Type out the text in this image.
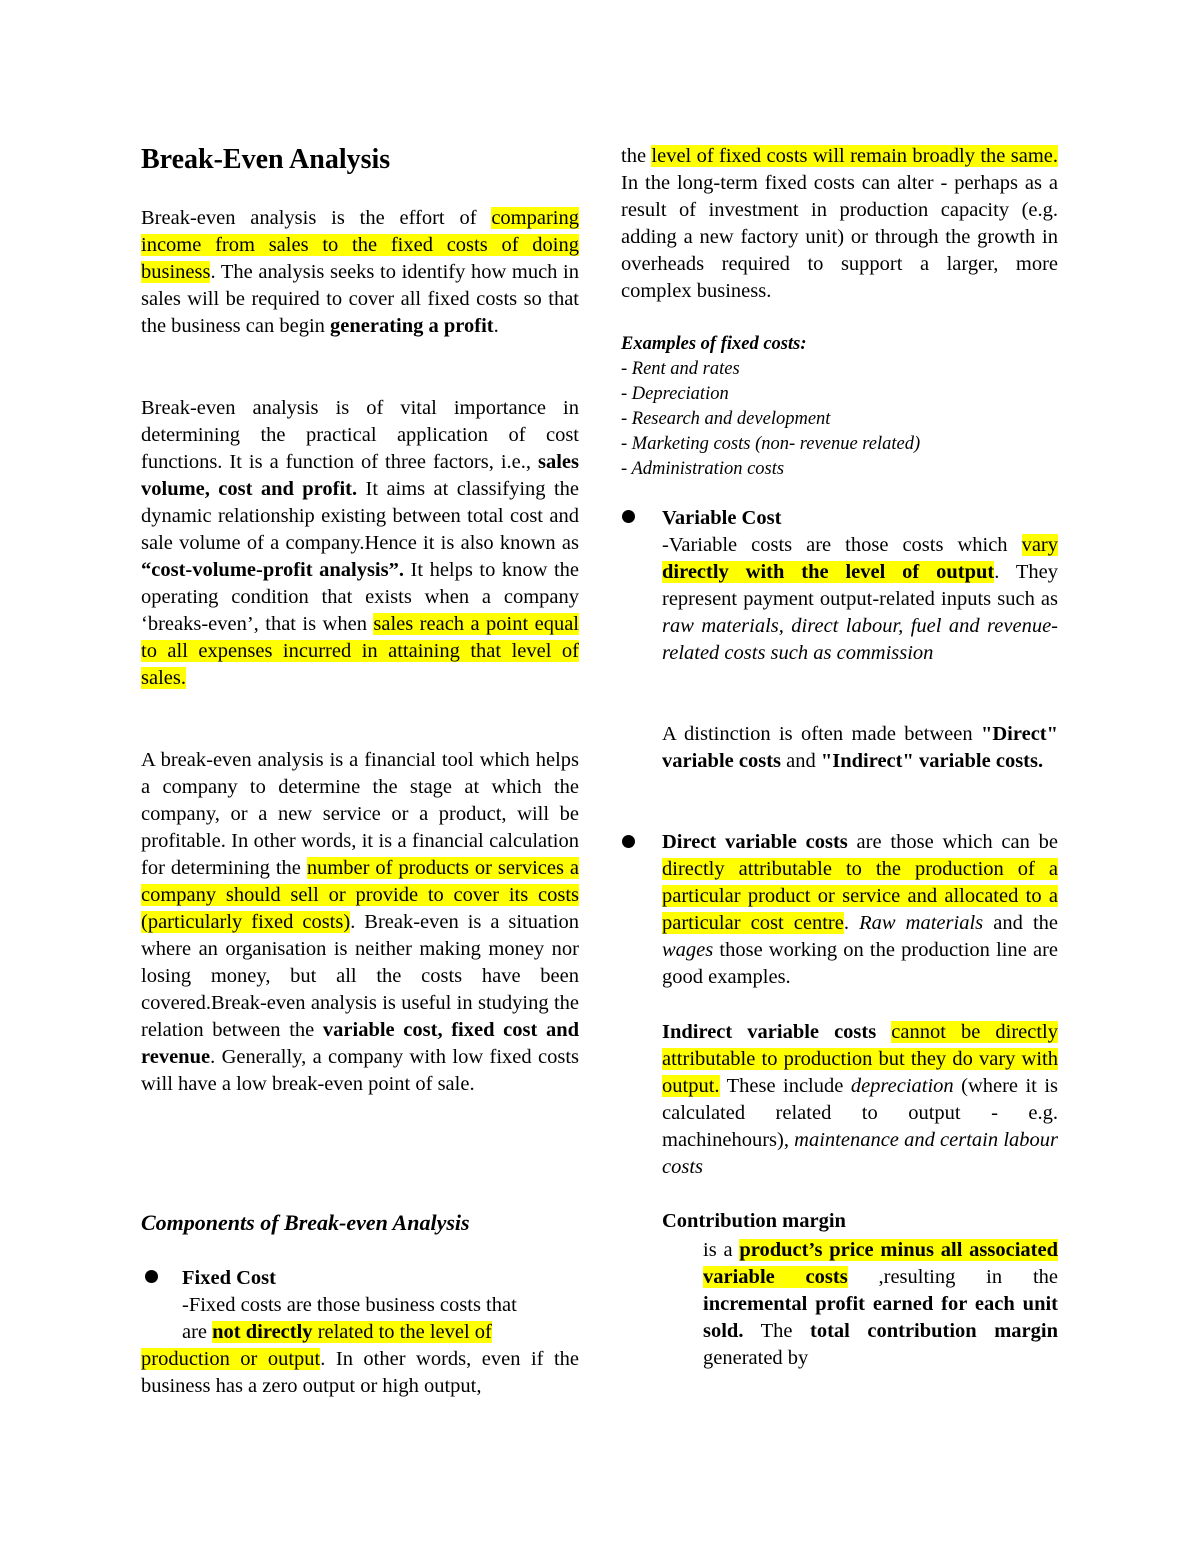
Break-Even Analysis

Break-even analysis is the effort of comparing income from sales to the fixed costs of doing business. The analysis seeks to identify how much in sales will be required to cover all fixed costs so that the business can begin generating a profit.

Break-even analysis is of vital importance in determining the practical application of cost functions. It is a function of three factors, i.e., sales volume, cost and profit. It aims at classifying the dynamic relationship existing between total cost and sale volume of a company.Hence it is also known as “cost-volume-profit analysis”. It helps to know the operating condition that exists when a company ‘breaks-even’, that is when sales reach a point equal to all expenses incurred in attaining that level of sales.

A break-even analysis is a financial tool which helps a company to determine the stage at which the company, or a new service or a product, will be profitable. In other words, it is a financial calculation for determining the number of products or services a company should sell or provide to cover its costs (particularly fixed costs). Break-even is a situation where an organisation is neither making money nor losing money, but all the costs have been covered.Break-even analysis is useful in studying the relation between the variable cost, fixed cost and revenue. Generally, a company with low fixed costs will have a low break-even point of sale.

Components of Break-even Analysis

Fixed Cost

-Fixed costs are those business costs that

are not directly related to the level of

production or output. In other words, even if the business has a zero output or high output,

the level of fixed costs will remain broadly the same. In the long-term fixed costs can alter - perhaps as a result of investment in production capacity (e.g. adding a new factory unit) or through the growth in overheads required to support a larger, more complex business.

Examples of fixed costs:

- Rent and rates

- Depreciation

- Research and development

- Marketing costs (non- revenue related)

- Administration costs

Variable Cost

-Variable costs are those costs which vary directly with the level of output. They represent payment output-related inputs such as raw materials, direct labour, fuel and revenue-related costs such as commission

A distinction is often made between "Direct" variable costs and "Indirect" variable costs.

Direct variable costs are those which can be directly attributable to the production of a particular product or service and allocated to a particular cost centre. Raw materials and the wages those working on the production line are good examples.

Indirect variable costs cannot be directly attributable to production but they do vary with output. These include depreciation (where it is calculated related to output - e.g. machinehours), maintenance and certain labour costs

Contribution margin

is a product’s price minus all associated variable costs ,resulting in the incremental profit earned for each unit sold. The total contribution margin generated by
